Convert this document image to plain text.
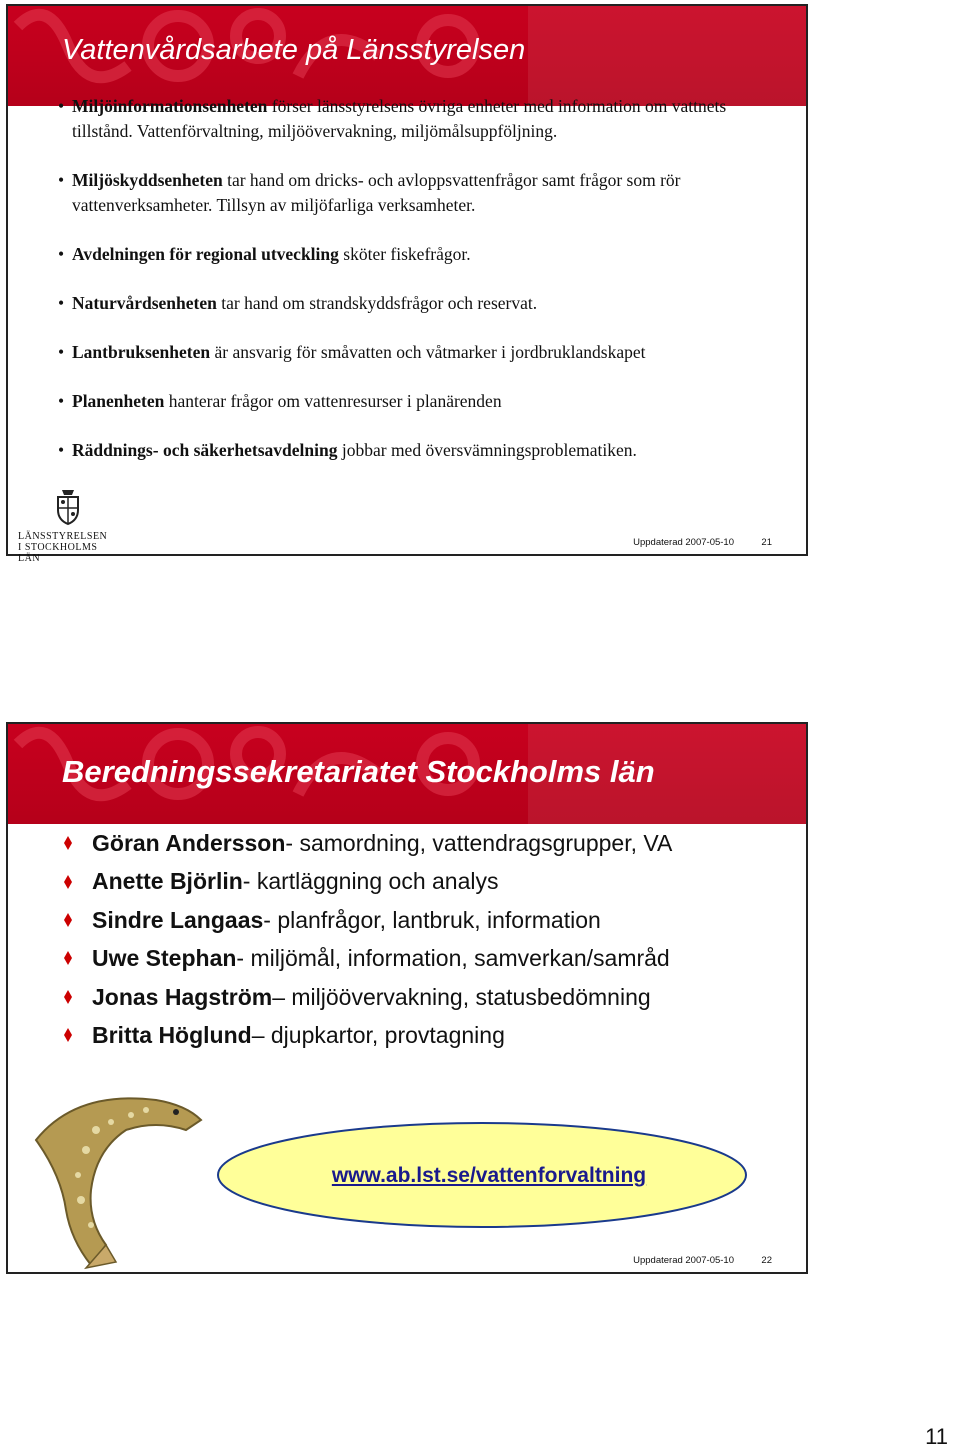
Vattenvårdsarbete på Länsstyrelsen
• Miljöinformationsenheten förser länsstyrelsens övriga enheter med information om vattnets tillstånd. Vattenförvaltning, miljöövervakning, miljömålsuppföljning.
• Miljöskyddsenheten tar hand om dricks- och avloppsvattenfrågor samt frågor som rör vattenverksamheter. Tillsyn av miljöfarliga verksamheter.
• Avdelningen för regional utveckling sköter fiskefrågor.
• Naturvårdsenheten tar hand om strandskyddsfrågor och reservat.
• Lantbruksenheten är ansvarig för småvatten och våtmarker i jordbruklandskapet
• Planenheten hanterar frågor om vattenresurser i planärenden
• Räddnings- och säkerhetsavdelning jobbar med översvämningsproblematiken.
LÄNSSTYRELSEN
I STOCKHOLMS LÄN
Uppdaterad 2007-05-10	21
Beredningssekretariatet Stockholms län
Göran Andersson - samordning, vattendragsgrupper, VA
Anette Björlin - kartläggning och analys
Sindre Langaas - planfrågor, lantbruk, information
Uwe Stephan - miljömål, information, samverkan/samråd
Jonas Hagström – miljöövervakning, statusbedömning
Britta Höglund – djupkartor, provtagning
www.ab.lst.se/vattenforvaltning
Uppdaterad 2007-05-10	22
11
